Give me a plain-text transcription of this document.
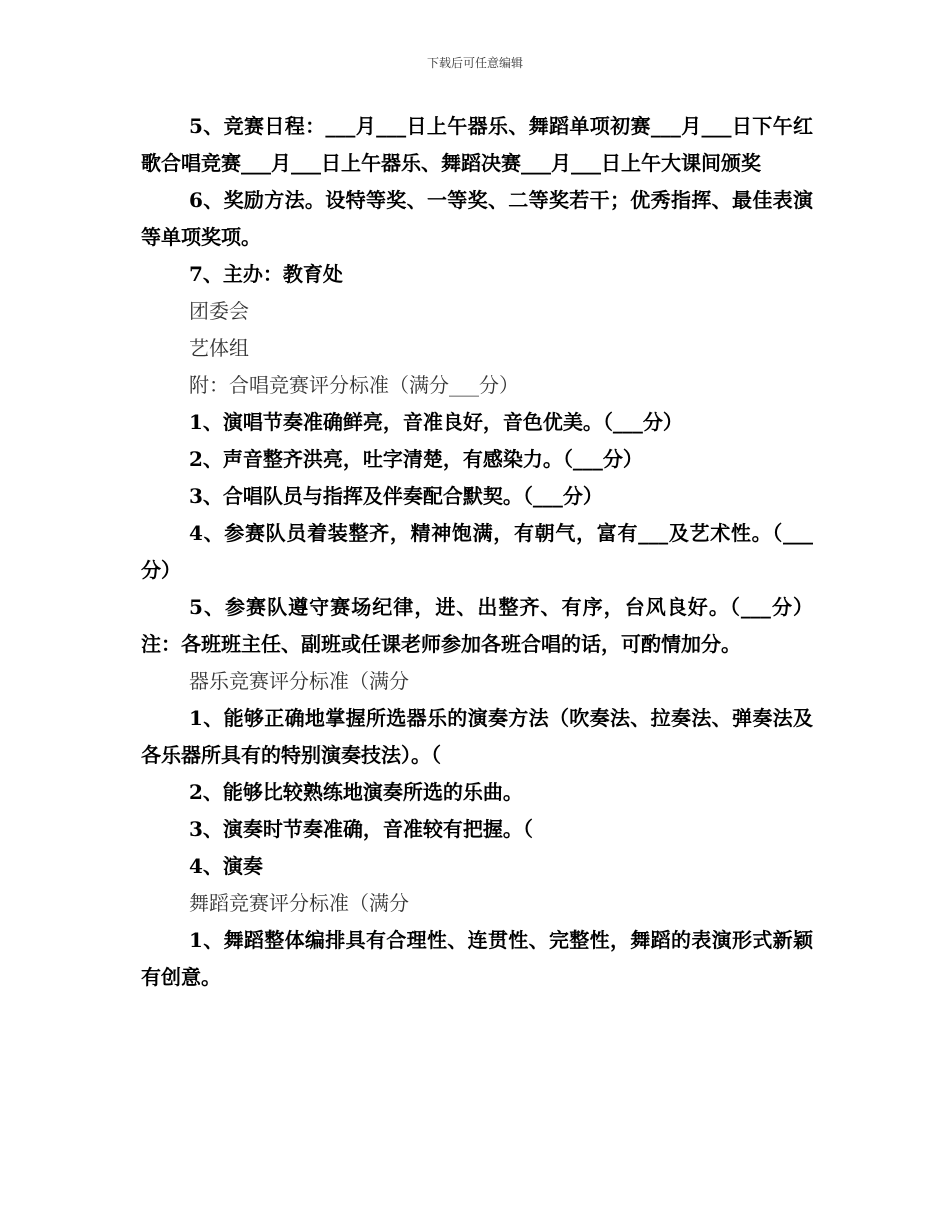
下载后可任意编辑

5、竞赛日程：___月___日上午器乐、舞蹈单项初赛___月___日下午红歌合唱竞赛___月___日上午器乐、舞蹈决赛___月___日上午大课间颁奖

6、奖励方法。设特等奖、一等奖、二等奖若干；优秀指挥、最佳表演等单项奖项。

7、主办：教育处

团委会

艺体组

附：合唱竞赛评分标准（满分___分）

1、演唱节奏准确鲜亮，音准良好，音色优美。（___分）

2、声音整齐洪亮，吐字清楚，有感染力。（___分）

3、合唱队员与指挥及伴奏配合默契。（___分）

4、参赛队员着装整齐，精神饱满，有朝气，富有___及艺术性。（___分）

5、参赛队遵守赛场纪律，进、出整齐、有序，台风良好。（___分）注：各班班主任、副班或任课老师参加各班合唱的话，可酌情加分。

器乐竞赛评分标准（满分

1、能够正确地掌握所选器乐的演奏方法（吹奏法、拉奏法、弹奏法及各乐器所具有的特别演奏技法）。（

2、能够比较熟练地演奏所选的乐曲。

3、演奏时节奏准确，音准较有把握。（

4、演奏

舞蹈竞赛评分标准（满分

1、舞蹈整体编排具有合理性、连贯性、完整性，舞蹈的表演形式新颖有创意。
